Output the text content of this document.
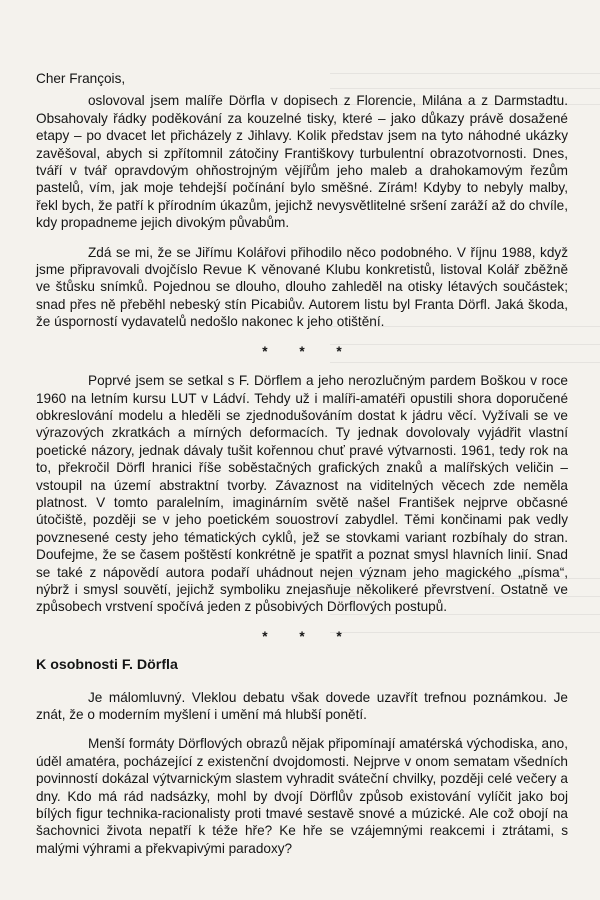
Cher François,

oslovoval jsem malíře Dörfla v dopisech z Florencie, Milána a z Darmstadtu. Obsahovaly řádky poděkování za kouzelné tisky, které – jako důkazy právě dosažené etapy – po dvacet let přicházely z Jihlavy. Kolik představ jsem na tyto náhodné ukázky zavěšoval, abych si zpřítomnil zátočiny Františkovy turbulentní obrazotvornosti. Dnes, tváří v tvář opravdovým ohňostrojným vějířům jeho maleb a drahokamovým řezům pastelů, vím, jak moje tehdejší počínání bylo směšné. Zírám! Kdyby to nebyly malby, řekl bych, že patří k přírodním úkazům, jejichž nevysvětlitelné sršení zaráží až do chvíle, kdy propadneme jejich divokým půvabům.

Zdá se mi, že se Jiřímu Kolářovi přihodilo něco podobného. V říjnu 1988, když jsme připravovali dvojčíslo Revue K věnované Klubu konkretistů, listoval Kolář zběžně ve štůsku snímků. Pojednou se dlouho, dlouho zahleděl na otisky létavých součástek; snad přes ně přeběhl nebeský stín Picabiův. Autorem listu byl Franta Dörfl. Jaká škoda, že úsporností vydavatelů nedošlo nakonec k jeho otištění.

* * *

Poprvé jsem se setkal s F. Dörflem a jeho nerozlučným pardem Boškou v roce 1960 na letním kursu LUT v Ládví. Tehdy už i malíři-amatéři opustili shora doporučené obkreslování modelu a hleděli se zjednodušováním dostat k jádru věcí. Vyžívali se ve výrazových zkratkách a mírných deformacích. Ty jednak dovolovaly vyjádřit vlastní poetické názory, jednak dávaly tušit kořennou chuť pravé výtvarnosti. 1961, tedy rok na to, překročil Dörfl hranici říše soběstačných grafických znaků a malířských veličin – vstoupil na území abstraktní tvorby. Závaznost na viditelných věcech zde neměla platnost. V tomto paralelním, imaginárním světě našel František nejprve občasné útočiště, později se v jeho poetickém souostroví zabydlel. Těmi končinami pak vedly povznesené cesty jeho tématických cyklů, jež se stovkami variant rozbíhaly do stran. Doufejme, že se časem poštěstí konkrétně je spatřit a poznat smysl hlavních linií. Snad se také z nápovědí autora podaří uhádnout nejen význam jeho magického „písma“, nýbrž i smysl souvětí, jejichž symboliku znejasňuje několikeré převrstvení. Ostatně ve způsobech vrstvení spočívá jeden z působivých Dörflových postupů.

* * *
K osobnosti F. Dörfla

Je málomluvný. Vleklou debatu však dovede uzavřít trefnou poznámkou. Je znát, že o moderním myšlení i umění má hlubší ponětí.

Menší formáty Dörflových obrazů nějak připomínají amatérská východiska, ano, úděl amatéra, pocházející z existenční dvojdomosti. Nejprve v onom sematam všedních povinností dokázal výtvarnickým slastem vyhradit sváteční chvilky, později celé večery a dny. Kdo má rád nadsázky, mohl by dvojí Dörflův způsob existování vylíčit jako boj bílých figur technika-racionalisty proti tmavé sestavě snové a múzické. Ale což obojí na šachovnici života nepatří k téže hře? Ke hře se vzájemnými reakcemi i ztrátami, s malými výhrami a překvapivými paradoxy?
